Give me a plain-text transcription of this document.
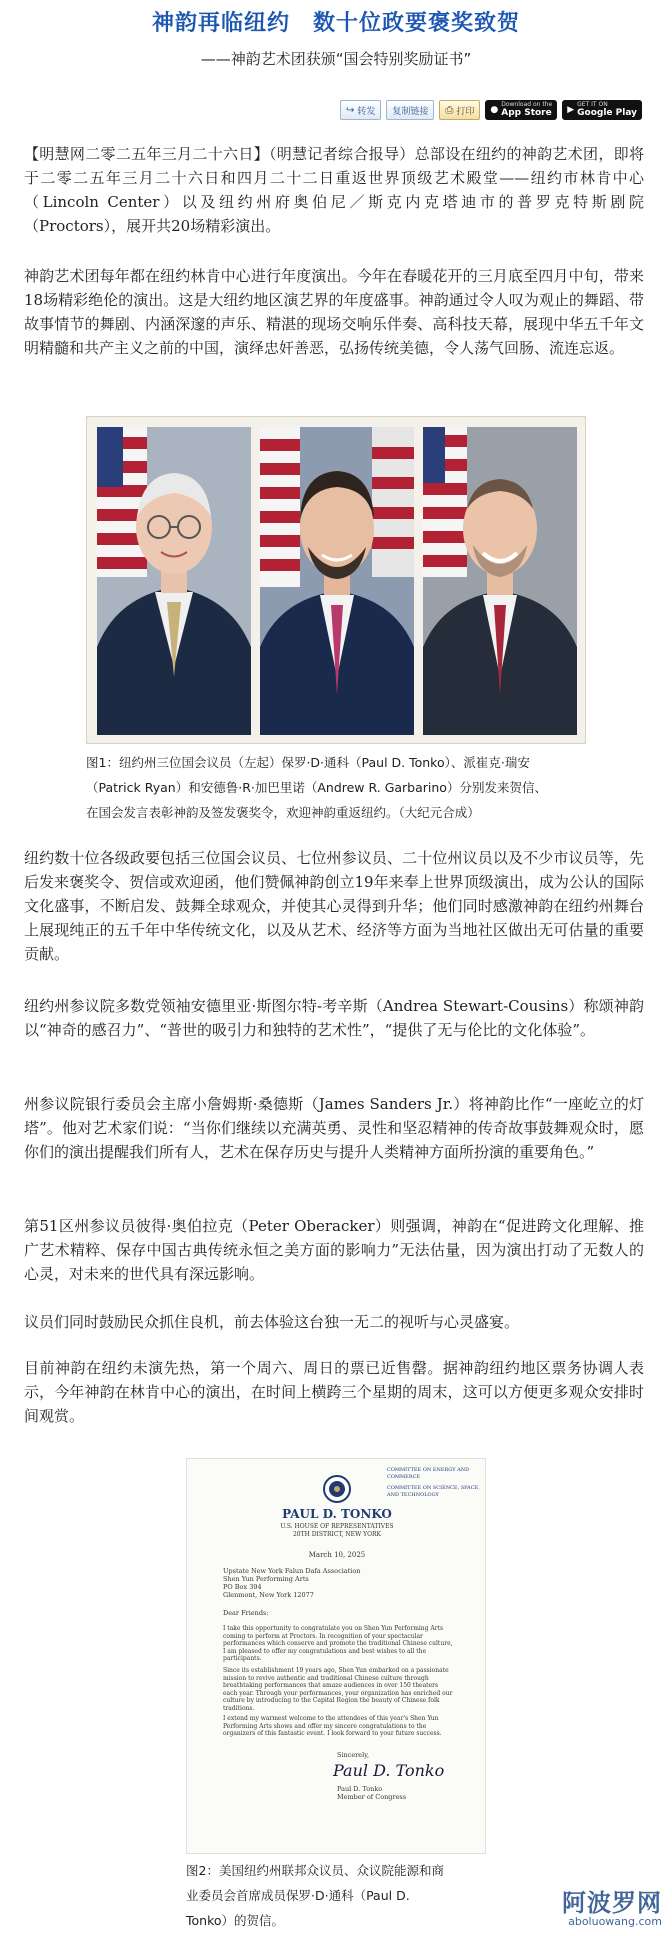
神韵再临纽约　数十位政要褒奖致贺
——神韵艺术团获颁“国会特别奖励证书”
↪ 转发 复制链接 ⎙ 打印 ●
Download on the
App Store ▶
GET IT ON
Google Play

【明慧网二零二五年三月二十六日】（明慧记者综合报导）总部设在纽约的神韵艺术团，即将于二零二五年三月二十六日和四月二十二日重返世界顶级艺术殿堂——纽约市林肯中心（Lincoln Center）以及纽约州府奥伯尼／斯克内克塔迪市的普罗克特斯剧院（Proctors），展开共20场精彩演出。

神韵艺术团每年都在纽约林肯中心进行年度演出。今年在春暖花开的三月底至四月中旬，带来18场精彩绝伦的演出。这是大纽约地区演艺界的年度盛事。神韵通过令人叹为观止的舞蹈、带故事情节的舞剧、内涵深邃的声乐、精湛的现场交响乐伴奏、高科技天幕，展现中华五千年文明精髓和共产主义之前的中国，演绎忠奸善恶，弘扬传统美德，令人荡气回肠、流连忘返。

图1：纽约州三位国会议员（左起）保罗·D·通科（Paul D. Tonko）、派崔克·瑞安
（Patrick Ryan）和安德鲁·R·加巴里诺（Andrew R. Garbarino）分别发来贺信、
在国会发言表彰神韵及签发褒奖令，欢迎神韵重返纽约。（大纪元合成）

纽约数十位各级政要包括三位国会议员、七位州参议员、二十位州议员以及不少市议员等，先后发来褒奖令、贺信或欢迎函，他们赞佩神韵创立19年来奉上世界顶级演出，成为公认的国际文化盛事，不断启发、鼓舞全球观众，并使其心灵得到升华；他们同时感激神韵在纽约州舞台上展现纯正的五千年中华传统文化，以及从艺术、经济等方面为当地社区做出无可估量的重要贡献。

纽约州参议院多数党领袖安德里亚·斯图尔特-考辛斯（Andrea Stewart-Cousins）称颂神韵以“神奇的感召力”、“普世的吸引力和独特的艺术性”，“提供了无与伦比的文化体验”。

州参议院银行委员会主席小詹姆斯·桑德斯（James Sanders Jr.）将神韵比作“一座屹立的灯塔”。他对艺术家们说：“当你们继续以充满英勇、灵性和坚忍精神的传奇故事鼓舞观众时，愿你们的演出提醒我们所有人，艺术在保存历史与提升人类精神方面所扮演的重要角色。”

第51区州参议员彼得·奥伯拉克（Peter Oberacker）则强调，神韵在“促进跨文化理解、推广艺术精粹、保存中国古典传统永恒之美方面的影响力”无法估量，因为演出打动了无数人的心灵，对未来的世代具有深远影响。

议员们同时鼓励民众抓住良机，前去体验这台独一无二的视听与心灵盛宴。

目前神韵在纽约未演先热，第一个周六、周日的票已近售罄。据神韵纽约地区票务协调人表示，今年神韵在林肯中心的演出，在时间上横跨三个星期的周末，这可以方便更多观众安排时间观赏。

PAUL D. TONKO
U.S. HOUSE OF REPRESENTATIVES
20TH DISTRICT, NEW YORK
COMMITTEE ON ENERGY AND COMMERCE
COMMITTEE ON SCIENCE, SPACE, AND TECHNOLOGY
March 10, 2025
Upstate New York Falun Dafa Association
Shen Yun Performing Arts
PO Box 394
Glenmont, New York 12077
Dear Friends:
I take this opportunity to congratulate you on Shen Yun Performing Arts coming to perform at Proctors. In recognition of your spectacular performances which conserve and promote the traditional Chinese culture, I am pleased to offer my congratulations and best wishes to all the participants.
Since its establishment 19 years ago, Shen Yun embarked on a passionate mission to revive authentic and traditional Chinese culture through breathtaking performances that amaze audiences in over 150 theaters each year. Through your performances, your organization has enriched our culture by introducing to the Capital Region the beauty of Chinese folk traditions.
I extend my warmest welcome to the attendees of this year's Shen Yun Performing Arts shows and offer my sincere congratulations to the organizers of this fantastic event. I look forward to your future success.
Sincerely,
Paul D. Tonko
Paul D. Tonko
Member of Congress
图2：美国纽约州联邦众议员、众议院能源和商
业委员会首席成员保罗·D·通科（Paul D.
Tonko）的贺信。
阿波罗网
aboluowang.com
